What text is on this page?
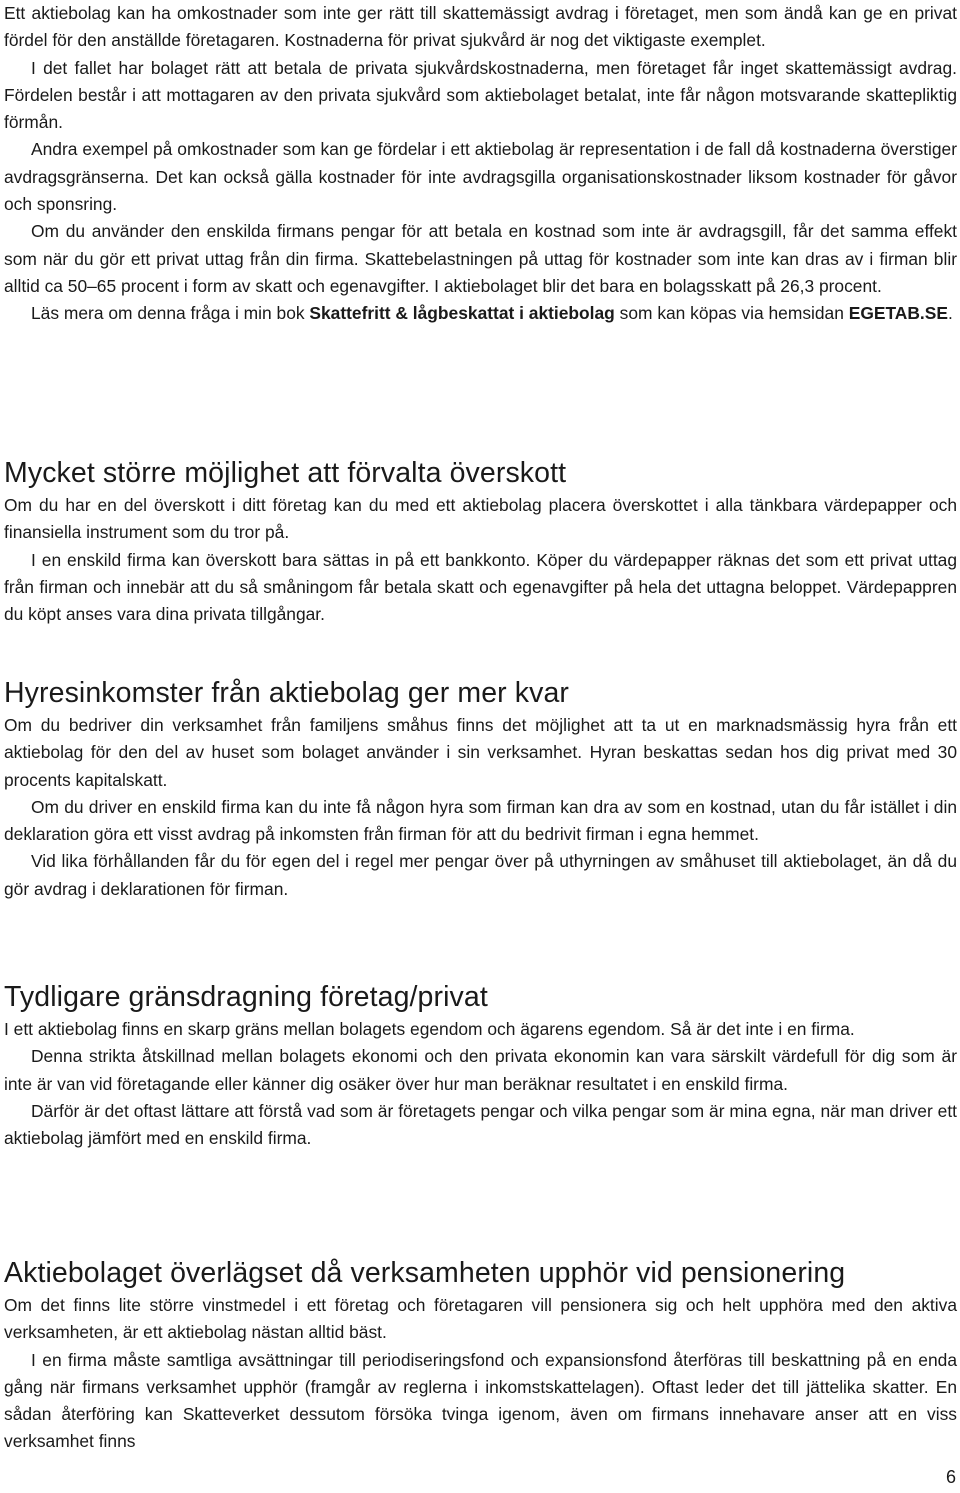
Ett aktiebolag kan ha omkostnader som inte ger rätt till skattemässigt avdrag i företaget, men som ändå kan ge en privat fördel för den anställde företagaren. Kostnaderna för privat sjukvård är nog det viktigaste exemplet.

I det fallet har bolaget rätt att betala de privata sjukvårdskostnaderna, men företaget får inget skattemässigt avdrag. Fördelen består i att mottagaren av den privata sjukvård som aktiebolaget betalat, inte får någon motsvarande skattepliktig förmån.

Andra exempel på omkostnader som kan ge fördelar i ett aktiebolag är representation i de fall då kostnaderna överstiger avdragsgränserna. Det kan också gälla kostnader för inte avdragsgilla organisationskostnader liksom kostnader för gåvor och sponsring.

Om du använder den enskilda firmans pengar för att betala en kostnad som inte är avdragsgill, får det samma effekt som när du gör ett privat uttag från din firma. Skattebelastningen på uttag för kostnader som inte kan dras av i firman blir alltid ca 50–65 procent i form av skatt och egenavgifter. I aktiebolaget blir det bara en bolagsskatt på 26,3 procent.

Läs mera om denna fråga i min bok Skattefritt & lågbeskattat i aktiebolag som kan köpas via hemsidan EGETAB.SE.

Mycket större möjlighet att förvalta överskott

Om du har en del överskott i ditt företag kan du med ett aktiebolag placera överskottet i alla tänkbara värdepapper och finansiella instrument som du tror på.

I en enskild firma kan överskott bara sättas in på ett bankkonto. Köper du värdepapper räknas det som ett privat uttag från firman och innebär att du så småningom får betala skatt och egenavgifter på hela det uttagna beloppet. Värdepappren du köpt anses vara dina privata tillgångar.

Hyresinkomster från aktiebolag ger mer kvar

Om du bedriver din verksamhet från familjens småhus finns det möjlighet att ta ut en marknadsmässig hyra från ett aktiebolag för den del av huset som bolaget använder i sin verksamhet. Hyran beskattas sedan hos dig privat med 30 procents kapitalskatt.

Om du driver en enskild firma kan du inte få någon hyra som firman kan dra av som en kostnad, utan du får istället i din deklaration göra ett visst avdrag på inkomsten från firman för att du bedrivit firman i egna hemmet.

Vid lika förhållanden får du för egen del i regel mer pengar över på uthyrningen av småhuset till aktiebolaget, än då du gör avdrag i deklarationen för firman.

Tydligare gränsdragning företag/privat

I ett aktiebolag finns en skarp gräns mellan bolagets egendom och ägarens egendom. Så är det inte i en firma.

Denna strikta åtskillnad mellan bolagets ekonomi och den privata ekonomin kan vara särskilt värdefull för dig som är inte är van vid företagande eller känner dig osäker över hur man beräknar resultatet i en enskild firma.

Därför är det oftast lättare att förstå vad som är företagets pengar och vilka pengar som är mina egna, när man driver ett aktiebolag jämfört med en enskild firma.

Aktiebolaget överlägset då verksamheten upphör vid pensionering

Om det finns lite större vinstmedel i ett företag och företagaren vill pensionera sig och helt upphöra med den aktiva verksamheten, är ett aktiebolag nästan alltid bäst.

I en firma måste samtliga avsättningar till periodiseringsfond och expansionsfond återföras till beskattning på en enda gång när firmans verksamhet upphör (framgår av reglerna i inkomstskattelagen). Oftast leder det till jättelika skatter. En sådan återföring kan Skatteverket dessutom försöka tvinga igenom, även om firmans innehavare anser att en viss verksamhet finns

6
